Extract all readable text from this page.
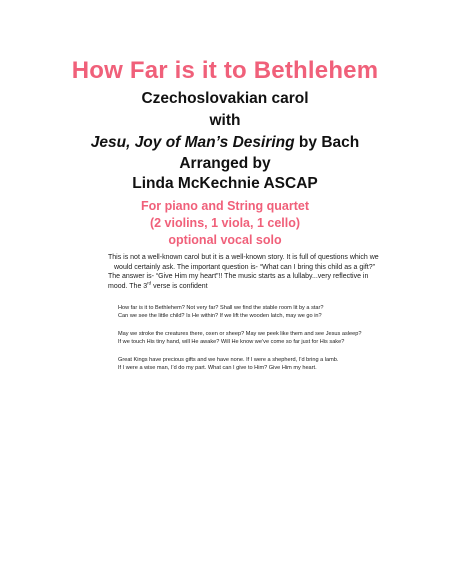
How Far is it to Bethlehem
Czechoslovakian carol
with
Jesu, Joy of Man’s Desiring by Bach
Arranged by
Linda McKechnie ASCAP
For piano and String quartet
(2 violins, 1 viola, 1 cello)
optional vocal solo
This is not a well-known carol but it is a well-known story. It is full of questions which we
would certainly ask. The important question is- “What can I bring this child as a gift?”
The answer is- “Give Him my heart”!! The music starts as a lullaby...very reflective in
mood. The 3rd verse is confident
How far is it to Bethlehem? Not very far? Shall we find the stable room lit by a star?
Can we see the little child? Is He within? If we lift the wooden latch, may we go in?
May we stroke the creatures there, oxen or sheep? May we peek like them and see Jesus asleep?
If we touch His tiny hand, will He awake? Will He know we’ve come so far just for His sake?
Great Kings have precious gifts and we have none. If I were a shepherd, I’d bring a lamb.
If I were a wise man, I’d do my part. What can I give to Him? Give Him my heart.
